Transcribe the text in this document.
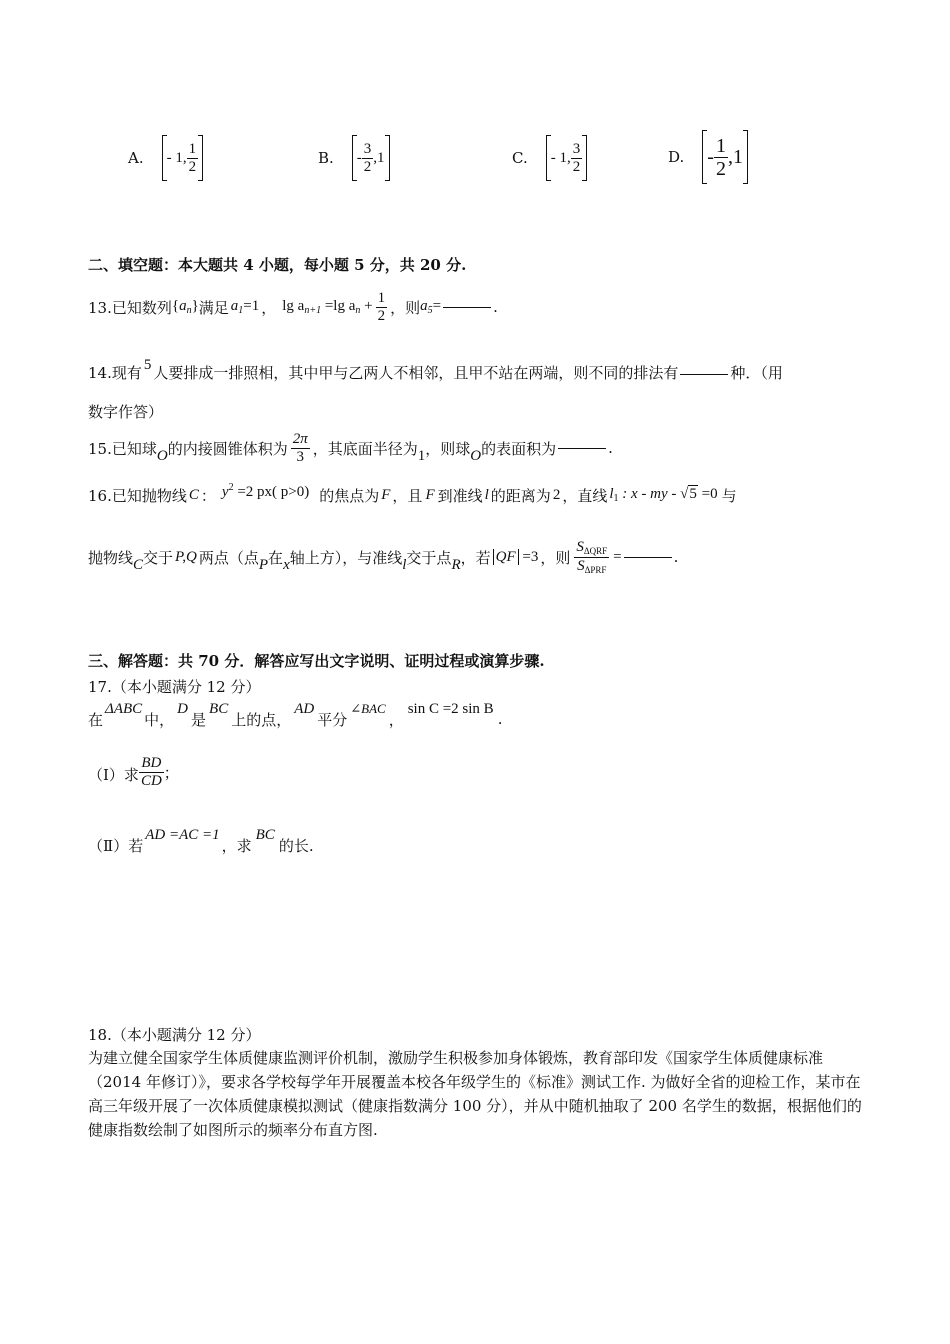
A. - 1, $\frac{1}{2}$	B. - $\frac{3}{2} ,1$	C. - 1, $\frac{3}{2}$	D. - $\frac{1}{2} ,1$
二、填空题：本大题共 4 小题，每小题 5 分，共 20 分.
13.已知数列 $\{a_n\}$ 满足 $a_1=1$ ， $\lg a_{n+1} =\lg$ $a_n + \frac{1}{2}$ ，则 $a_5=$	.
14.现有 5 人要排成一排照相，其中甲与乙两人不相邻，且甲不站在两端，则不同的排法有	种．（用
数字作答）
15.已知球 O 的内接圆锥体积为 $\frac{2\pi}{3}$ ，其底面半径为 1 ，则球 O 的表面积为	.
16.已知抛物线 C ： $y^2 =2$ px( p>0) 的焦点为 F ，且 F 到准线 l 的距离为 2 ，直线 $l_1$ : x - my - √5 =0 与
抛物线 C 交于 P,Q 两点（点 P 在 x 轴上方），与准线 l 交于点 R ，若 QF =3 ，则 $\frac{S_{\Delta QRF}}{S_{\Delta PRF}}$ =	.
三、解答题：共 70 分．解答应写出文字说明、证明过程或演算步骤.
17.（本小题满分 12 分）
在
ΔABC
中，
D
是
BC
上的点，
AD
平分
∠BAC
，
sin C =2 sin B
.
（Ⅰ）求 $\frac{BD}{CD}$ ；
（Ⅱ）若
AD =AC =1
，求
BC
的长.
18.（本小题满分 12 分）

为建立健全国家学生体质健康监测评价机制，激励学生积极参加身体锻炼，教育部印发《国家学生体质健康标准（2014 年修订）》，要求各学校每学年开展覆盖本校各年级学生的《标准》测试工作. 为做好全省的迎检工作，某市在高三年级开展了一次体质健康模拟测试（健康指数满分 100 分），并从中随机抽取了 200 名学生的数据，根据他们的健康指数绘制了如图所示的频率分布直方图.
